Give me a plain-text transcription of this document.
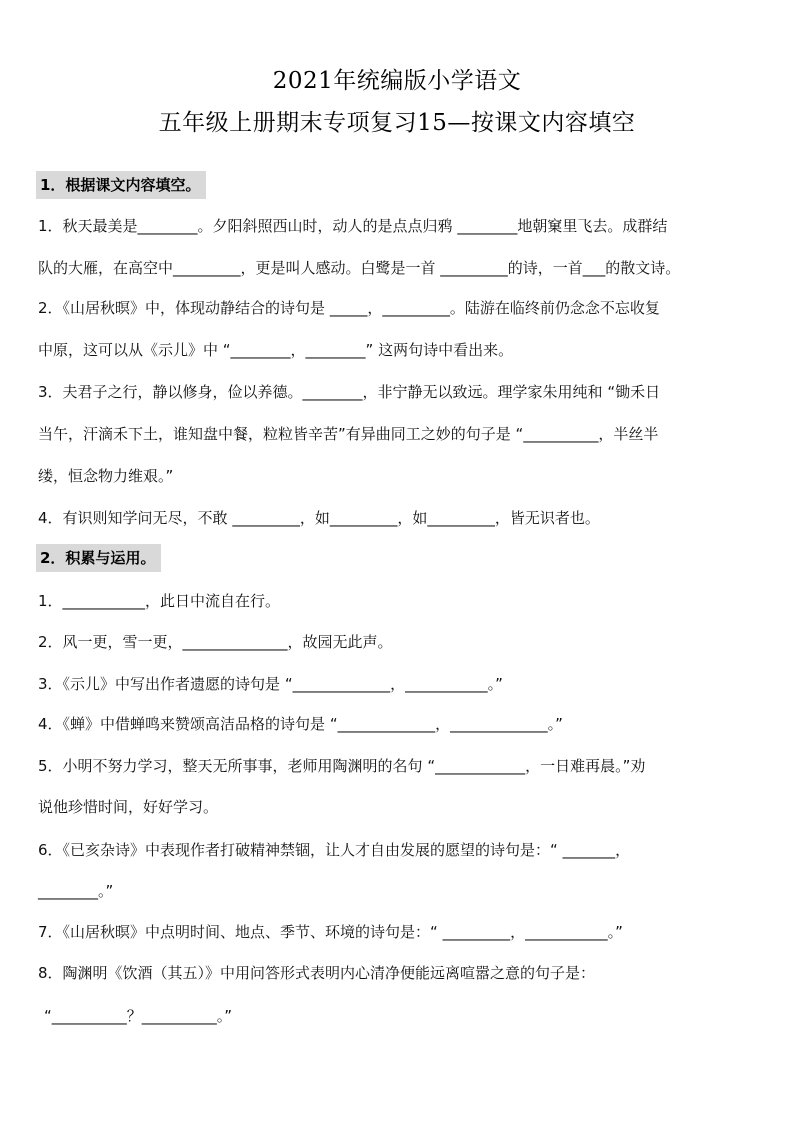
2021年统编版小学语文
五年级上册期末专项复习15—按课文内容填空
1．根据课文内容填空。
1．秋天最美是________。夕阳斜照西山时，动人的是点点归鸦 ________地朝窠里飞去。成群结
队的大雁，在高空中_________，更是叫人感动。白鹭是一首 _________的诗，一首___的散文诗。
2．《山居秋暝》中，体现动静结合的诗句是 _____，_________。陆游在临终前仍念念不忘收复
中原，这可以从《示儿》中 “________，________” 这两句诗中看出来。
3．夫君子之行，静以修身，俭以养德。________，非宁静无以致远。理学家朱用纯和 “锄禾日
当午，汗滴禾下土，谁知盘中餐，粒粒皆辛苦”有异曲同工之妙的句子是 “__________，半丝半
缕，恒念物力维艰。”
4．有识则知学问无尽，不敢 _________，如_________，如_________，皆无识者也。
2．积累与运用。
1．___________，此日中流自在行。
2．风一更，雪一更，______________，故园无此声。
3．《示儿》中写出作者遗愿的诗句是 “_____________，___________。”
4．《蝉》中借蝉鸣来赞颂高洁品格的诗句是 “_____________，_____________。”
5．小明不努力学习，整天无所事事，老师用陶渊明的名句 “____________，一日难再晨。”劝
说他珍惜时间，好好学习。
6．《已亥杂诗》中表现作者打破精神禁锢，让人才自由发展的愿望的诗句是：“ _______，
________。”
7．《山居秋暝》中点明时间、地点、季节、环境的诗句是：“ _________，___________。”
8．陶渊明《饮酒（其五）》中用问答形式表明内心清净便能远离喧嚣之意的句子是：
“__________？__________。”
